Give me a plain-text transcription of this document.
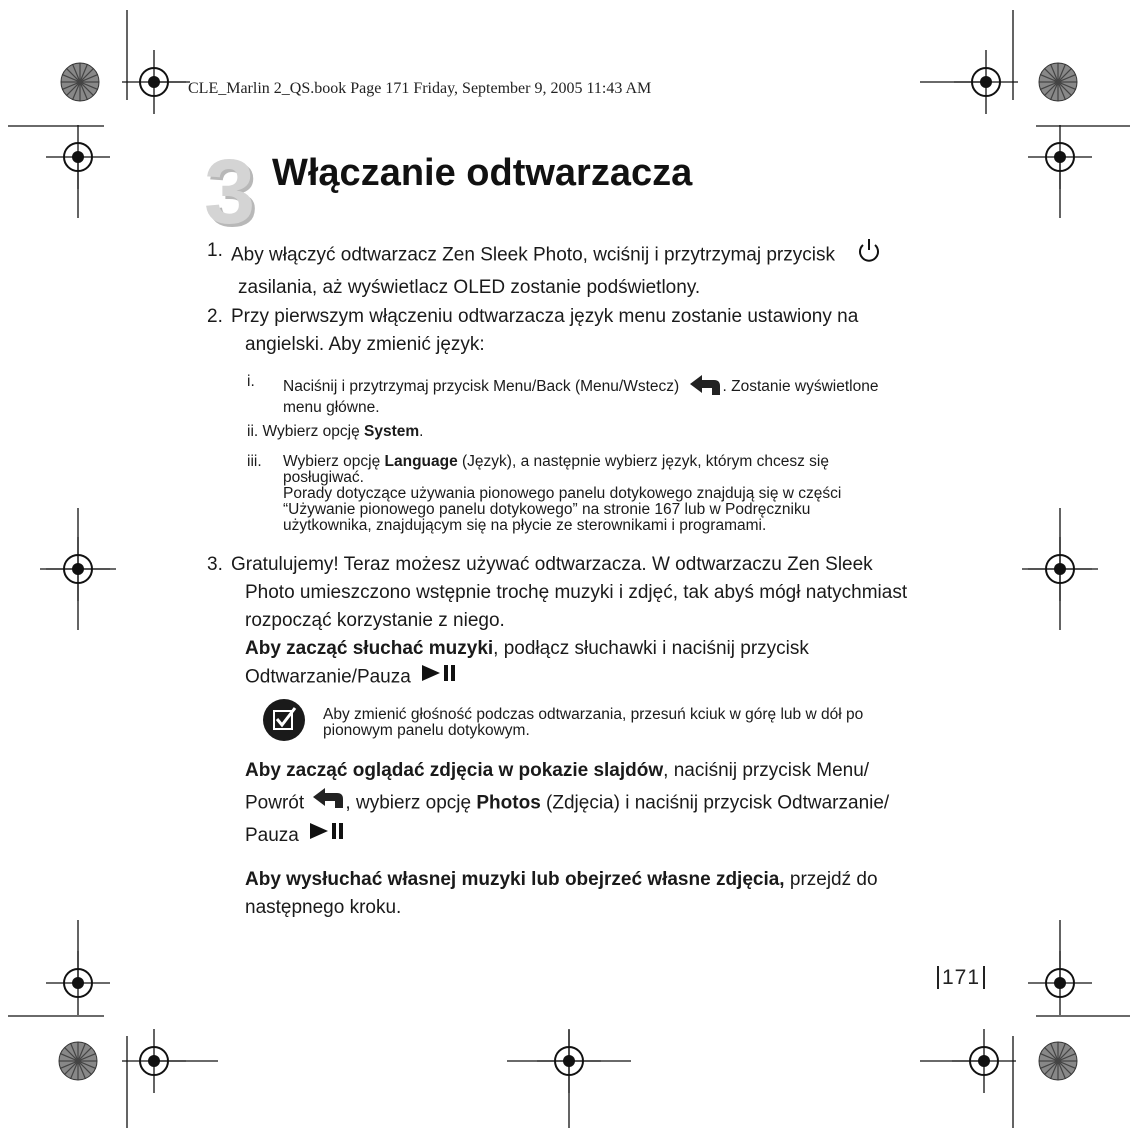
CLE_Marlin 2_QS.book Page 171 Friday, September 9, 2005 11:43 AM
3 Włączanie odtwarzacza
1. Aby włączyć odtwarzacz Zen Sleek Photo, wciśnij i przytrzymaj przycisk
zasilania, aż wyświetlacz OLED zostanie podświetlony.
2. Przy pierwszym włączeniu odtwarzacza język menu zostanie ustawiony na
angielski. Aby zmienić język:
i. Naciśnij i przytrzymaj przycisk Menu/Back (Menu/Wstecz)	. Zostanie wyświetlone
menu główne.
ii. Wybierz opcję System.
iii. Wybierz opcję Language (Język), a następnie wybierz język, którym chcesz się
posługiwać.
Porady dotyczące używania pionowego panelu dotykowego znajdują się w części
“Używanie pionowego panelu dotykowego” na stronie 167 lub w Podręczniku
użytkownika, znajdującym się na płycie ze sterownikami i programami.
3. Gratulujemy! Teraz możesz używać odtwarzacza. W odtwarzaczu Zen Sleek
Photo umieszczono wstępnie trochę muzyki i zdjęć, tak abyś mógł natychmiast
rozpocząć korzystanie z niego.
Aby zacząć słuchać muzyki, podłącz słuchawki i naciśnij przycisk
Odtwarzanie/Pauza
Aby zmienić głośność podczas odtwarzania, przesuń kciuk w górę lub w dół po
pionowym panelu dotykowym.
Aby zacząć oglądać zdjęcia w pokazie slajdów, naciśnij przycisk Menu/
Powrót , wybierz opcję Photos (Zdjęcia) i naciśnij przycisk Odtwarzanie/
Pauza
Aby wysłuchać własnej muzyki lub obejrzeć własne zdjęcia, przejdź do
następnego kroku.
171
